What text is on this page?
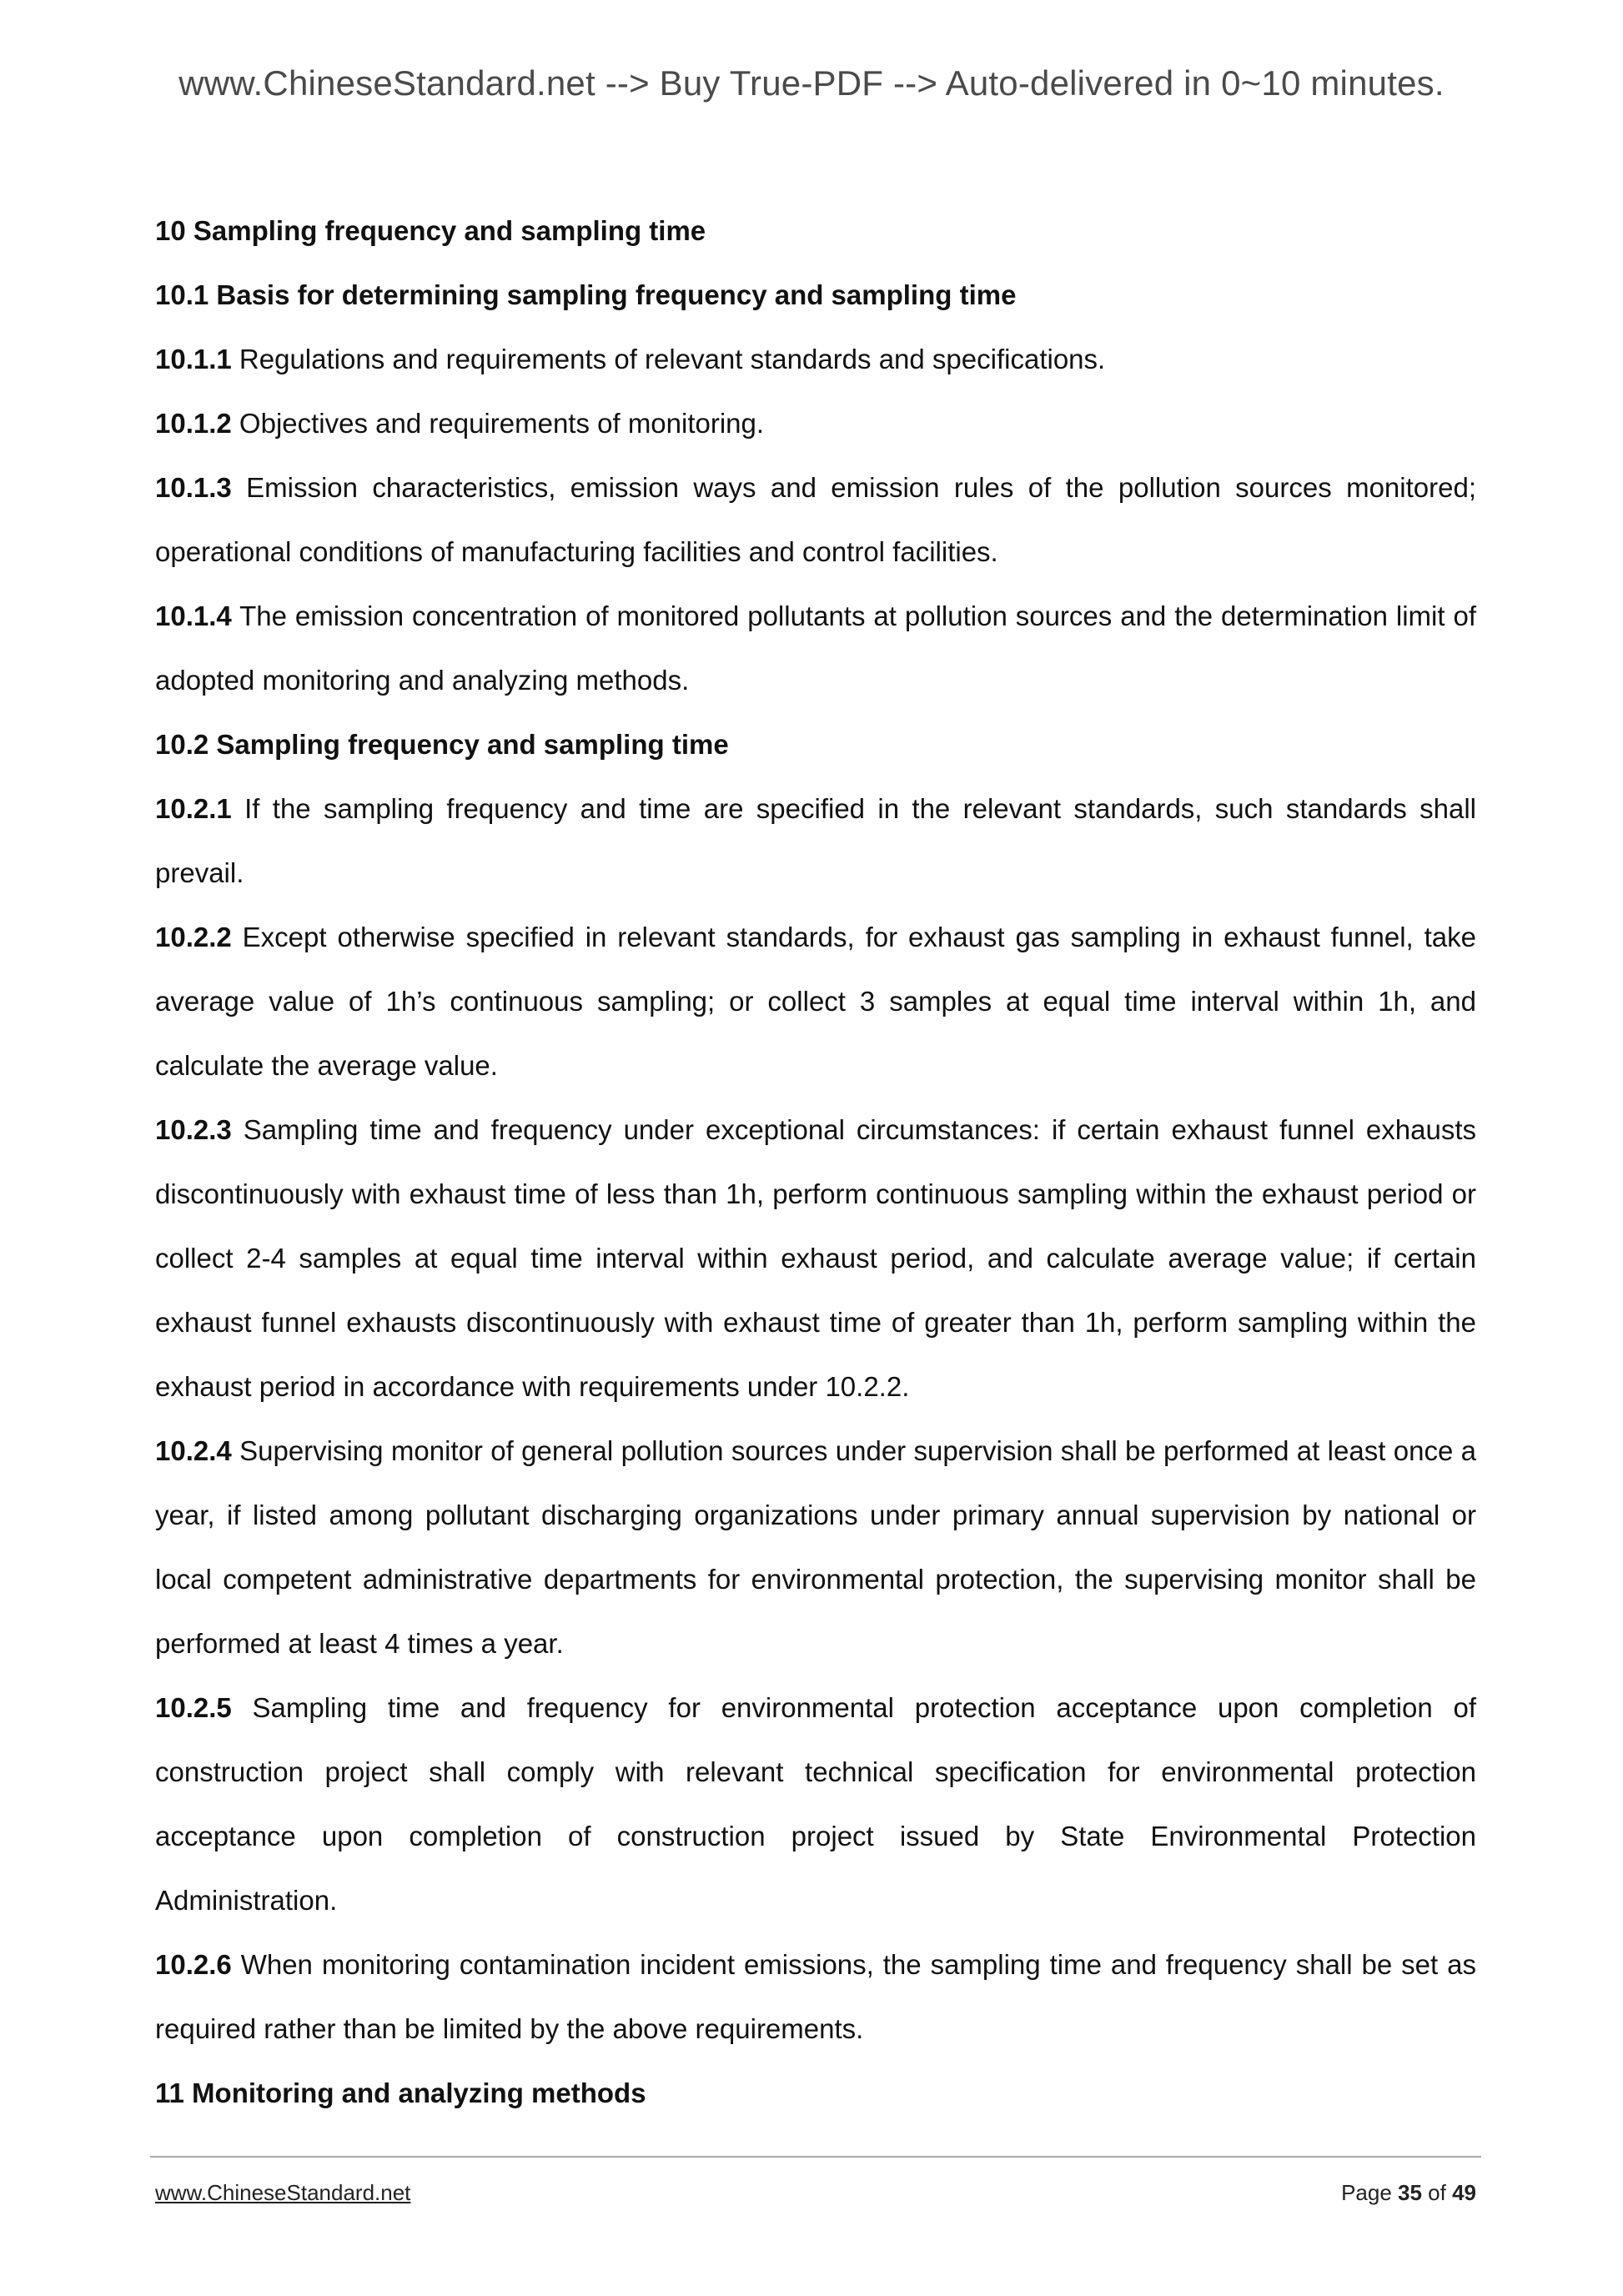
www.ChineseStandard.net --> Buy True-PDF --> Auto-delivered in 0~10 minutes.

10 Sampling frequency and sampling time

10.1 Basis for determining sampling frequency and sampling time

10.1.1 Regulations and requirements of relevant standards and specifications.

10.1.2 Objectives and requirements of monitoring.

10.1.3 Emission characteristics, emission ways and emission rules of the pollution sources monitored; operational conditions of manufacturing facilities and control facilities.

10.1.4 The emission concentration of monitored pollutants at pollution sources and the determination limit of adopted monitoring and analyzing methods.

10.2 Sampling frequency and sampling time

10.2.1 If the sampling frequency and time are specified in the relevant standards, such standards shall prevail.

10.2.2 Except otherwise specified in relevant standards, for exhaust gas sampling in exhaust funnel, take average value of 1h’s continuous sampling; or collect 3 samples at equal time interval within 1h, and calculate the average value.

10.2.3 Sampling time and frequency under exceptional circumstances: if certain exhaust funnel exhausts discontinuously with exhaust time of less than 1h, perform continuous sampling within the exhaust period or collect 2-4 samples at equal time interval within exhaust period, and calculate average value; if certain exhaust funnel exhausts discontinuously with exhaust time of greater than 1h, perform sampling within the exhaust period in accordance with requirements under 10.2.2.

10.2.4 Supervising monitor of general pollution sources under supervision shall be performed at least once a year, if listed among pollutant discharging organizations under primary annual supervision by national or local competent administrative departments for environmental protection, the supervising monitor shall be performed at least 4 times a year.

10.2.5 Sampling time and frequency for environmental protection acceptance upon completion of construction project shall comply with relevant technical specification for environmental protection acceptance upon completion of construction project issued by State Environmental Protection Administration.

10.2.6 When monitoring contamination incident emissions, the sampling time and frequency shall be set as required rather than be limited by the above requirements.

11 Monitoring and analyzing methods

www.ChineseStandard.net	Page 35 of 49
